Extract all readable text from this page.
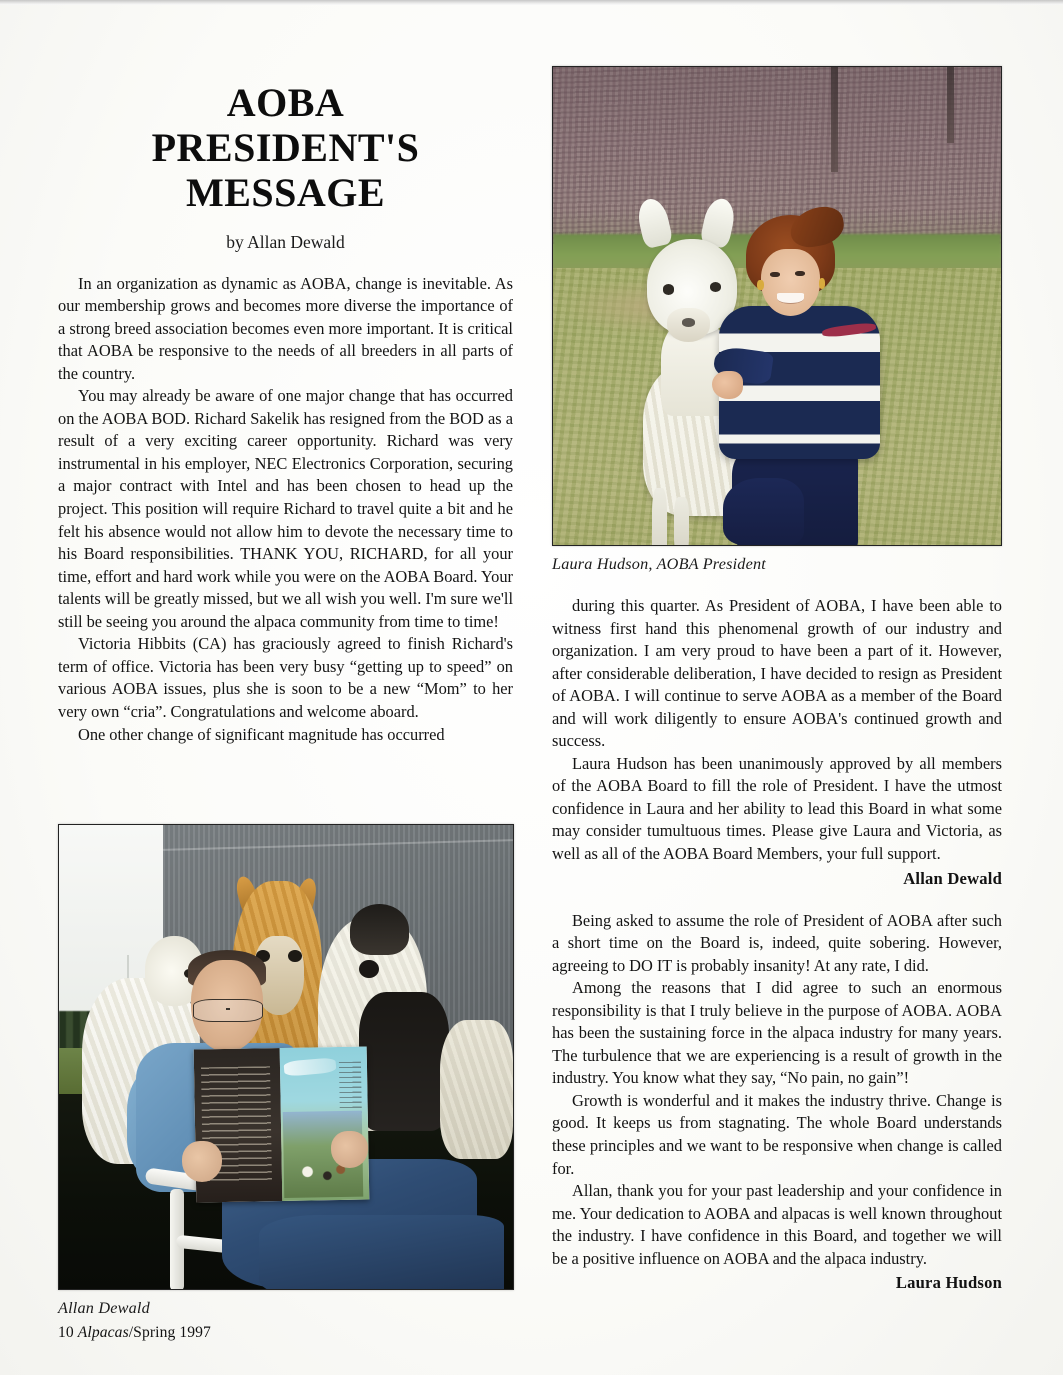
AOBA
PRESIDENT'S
MESSAGE
by Allan Dewald

In an organization as dynamic as AOBA, change is inevitable. As our membership grows and becomes more diverse the importance of a strong breed association becomes even more important. It is critical that AOBA be responsive to the needs of all breeders in all parts of the country.

You may already be aware of one major change that has occurred on the AOBA BOD. Richard Sakelik has resigned from the BOD as a result of a very exciting career opportunity. Richard was very instrumental in his employer, NEC Electronics Corporation, securing a major contract with Intel and has been chosen to head up the project. This position will require Richard to travel quite a bit and he felt his absence would not allow him to devote the necessary time to his Board responsibilities. THANK YOU, RICHARD, for all your time, effort and hard work while you were on the AOBA Board. Your talents will be greatly missed, but we all wish you well. I'm sure we'll still be seeing you around the alpaca community from time to time!

Victoria Hibbits (CA) has graciously agreed to finish Richard's term of office. Victoria has been very busy “getting up to speed” on various AOBA issues, plus she is soon to be a new “Mom” to her very own “cria”. Congratulations and welcome aboard.

One other change of significant magnitude has occurred

Allan Dewald
10 Alpacas/Spring 1997
Laura Hudson, AOBA President

during this quarter. As President of AOBA, I have been able to witness first hand this phenomenal growth of our industry and organization. I am very proud to have been a part of it. However, after considerable deliberation, I have decided to resign as President of AOBA. I will continue to serve AOBA as a member of the Board and will work diligently to ensure AOBA's continued growth and success.

Laura Hudson has been unanimously approved by all members of the AOBA Board to fill the role of President. I have the utmost confidence in Laura and her ability to lead this Board in what some may consider tumultuous times. Please give Laura and Victoria, as well as all of the AOBA Board Members, your full support.

Allan Dewald

Being asked to assume the role of President of AOBA after such a short time on the Board is, indeed, quite sobering. However, agreeing to DO IT is probably insanity! At any rate, I did.

Among the reasons that I did agree to such an enormous responsibility is that I truly believe in the purpose of AOBA. AOBA has been the sustaining force in the alpaca industry for many years. The turbulence that we are experiencing is a result of growth in the industry. You know what they say, “No pain, no gain”!

Growth is wonderful and it makes the industry thrive. Change is good. It keeps us from stagnating. The whole Board understands these principles and we want to be responsive when change is called for.

Allan, thank you for your past leadership and your confidence in me. Your dedication to AOBA and alpacas is well known throughout the industry. I have confidence in this Board, and together we will be a positive influence on AOBA and the alpaca industry.

Laura Hudson
